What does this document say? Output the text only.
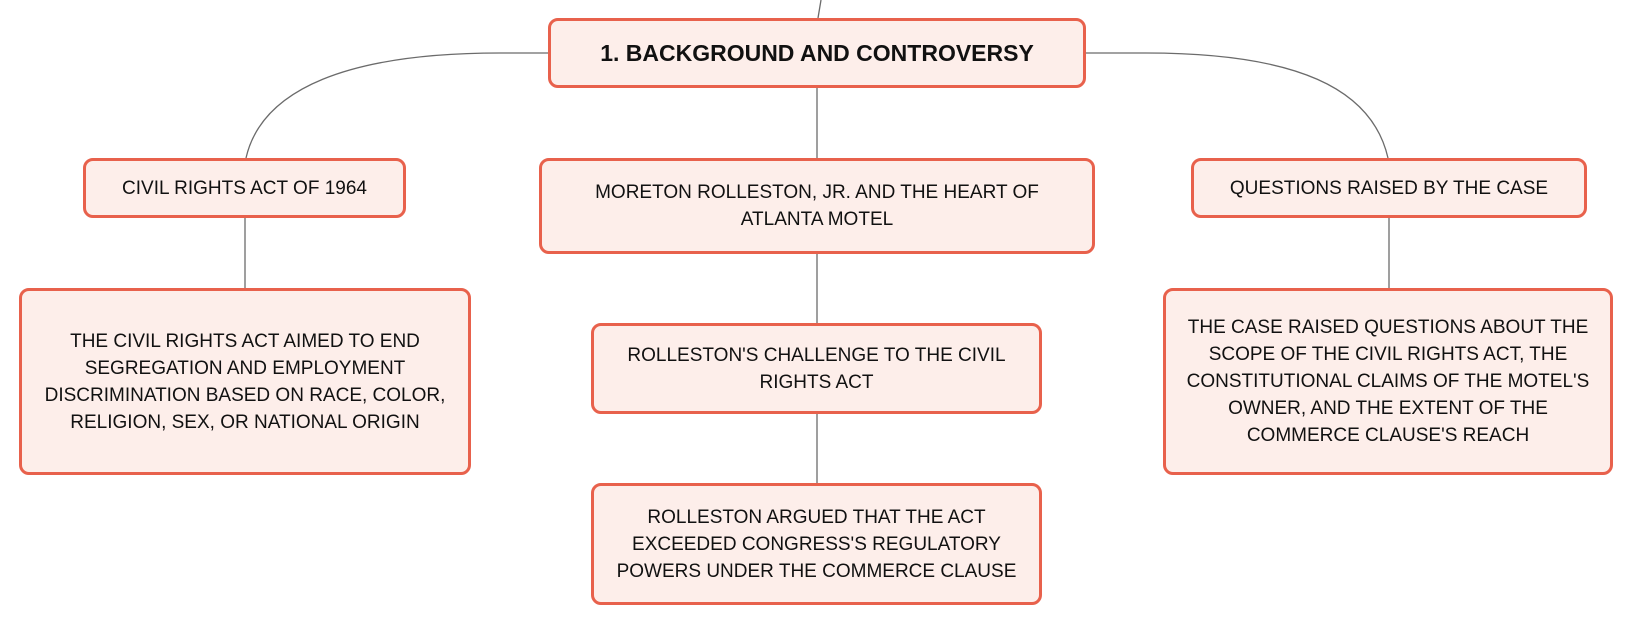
1. BACKGROUND AND CONTROVERSY
CIVIL RIGHTS ACT OF 1964	MORETON ROLLESTON, JR. AND THE HEART OF ATLANTA MOTEL
QUESTIONS RAISED BY THE CASE
THE CIVIL RIGHTS ACT AIMED TO END SEGREGATION AND EMPLOYMENT DISCRIMINATION BASED ON RACE, COLOR, RELIGION, SEX, OR NATIONAL ORIGIN
ROLLESTON'S CHALLENGE TO THE CIVIL RIGHTS ACT
ROLLESTON ARGUED THAT THE ACT EXCEEDED CONGRESS'S REGULATORY POWERS UNDER THE COMMERCE CLAUSE
THE CASE RAISED QUESTIONS ABOUT THE SCOPE OF THE CIVIL RIGHTS ACT, THE CONSTITUTIONAL CLAIMS OF THE MOTEL'S OWNER, AND THE EXTENT OF THE COMMERCE CLAUSE'S REACH
